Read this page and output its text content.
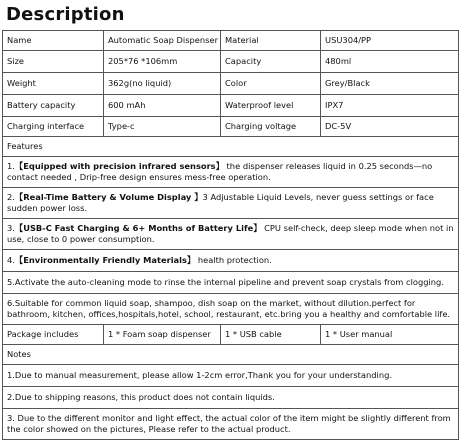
Description
Name	Automatic Soap Dispenser	Material	USU304/PP
Size	205*76 *106mm	Capacity	480ml
Weight	362g(no liquid)	Color	Grey/Black
Battery capacity	600 mAh	Waterproof level	IPX7
Charging interface	Type-c	Charging voltage	DC-5V
Features			
1.【Equipped with precision infrared sensors】 the dispenser releases liquid in 0.25 seconds—no contact needed , Drip-free design ensures mess-free operation.			
2.【Real-Time Battery & Volume Display 】3 Adjustable Liquid Levels, never guess settings or face sudden power loss.			
3.【USB-C Fast Charging & 6+ Months of Battery Life】 CPU self-check, deep sleep mode when not in use, close to 0 power consumption.			
4.【Environmentally Friendly Materials】 health protection.			
5.Activate the auto-cleaning mode to rinse the internal pipeline and prevent soap crystals from clogging.			
6.Suitable for common liquid soap, shampoo, dish soap on the market, without dilution.perfect for bathroom, kitchen, offices,hospitals,hotel, school, restaurant, etc.bring you a healthy and comfortable life.			
Package includes	1 * Foam soap dispenser	1 * USB cable	1 * User manual
Notes			
1.Due to manual measurement, please allow 1-2cm error,Thank you for your understanding.			
2.Due to shipping reasons, this product does not contain liquids.			
3. Due to the different monitor and light effect, the actual color of the item might be slightly different from the color showed on the pictures, Please refer to the actual product.			
